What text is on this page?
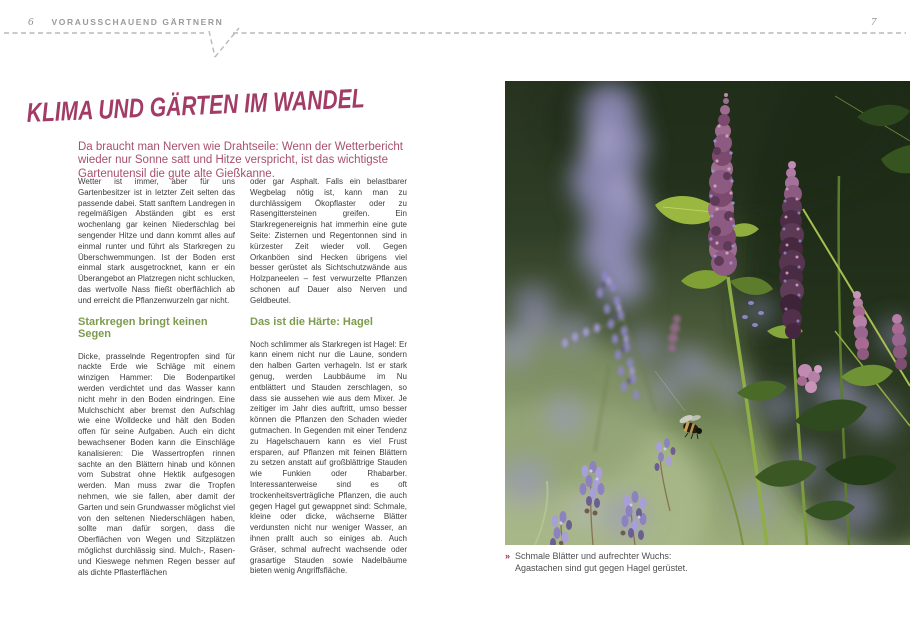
6 VORAUSSCHAUEND GÄRTNERN	7
KLIMA UND GÄRTEN IM WANDEL

Da braucht man Nerven wie Drahtseile: Wenn der Wetterbericht wieder nur Sonne satt und Hitze verspricht, ist das wichtigste Gartenutensil die gute alte Gießkanne.

Wetter ist immer, aber für uns Gartenbesitzer ist in letzter Zeit selten das passende dabei. Statt sanftem Landregen in regelmäßigen Abständen gibt es erst wochenlang gar keinen Niederschlag bei sengender Hitze und dann kommt alles auf einmal runter und führt als Starkregen zu Überschwemmungen. Ist der Boden erst einmal stark ausgetrocknet, kann er ein Überangebot an Platzregen nicht schlucken, das wertvolle Nass fließt oberflächlich ab und erreicht die Pflanzenwurzeln gar nicht.

Starkregen bringt keinen Segen

Dicke, prasselnde Regentropfen sind für nackte Erde wie Schläge mit einem winzigen Hammer: Die Bodenpartikel werden verdichtet und das Wasser kann nicht mehr in den Boden eindringen. Eine Mulchschicht aber bremst den Aufschlag wie eine Wolldecke und hält den Boden offen für seine Aufgaben. Auch ein dicht bewachsener Boden kann die Einschläge kanalisieren: Die Wassertropfen rinnen sachte an den Blättern hinab und können vom Substrat ohne Hektik aufgesogen werden. Man muss zwar die Tropfen nehmen, wie sie fallen, aber damit der Garten und sein Grundwasser möglichst viel von den seltenen Niederschlägen haben, sollte man dafür sorgen, dass die Oberflächen von Wegen und Sitzplätzen möglichst durchlässig sind. Mulch-, Rasen- und Kieswege nehmen Regen besser auf als dichte Pflasterflächen

oder gar Asphalt. Falls ein belastbarer Wegbelag nötig ist, kann man zu durchlässigem Ökopflaster oder zu Rasengittersteinen greifen. Ein Starkregenereignis hat immerhin eine gute Seite: Zisternen und Regentonnen sind in kürzester Zeit wieder voll. Gegen Orkanböen sind Hecken übrigens viel besser gerüstet als Sichtschutzwände aus Holzpaneelen – fest verwurzelte Pflanzen schonen auf Dauer also Nerven und Geldbeutel.

Das ist die Härte: Hagel

Noch schlimmer als Starkregen ist Hagel: Er kann einem nicht nur die Laune, sondern den halben Garten verhageln. Ist er stark genug, werden Laubbäume im Nu entblättert und Stauden zerschlagen, so dass sie aussehen wie aus dem Mixer. Je zeitiger im Jahr dies auftritt, umso besser können die Pflanzen den Schaden wieder gutmachen. In Gegenden mit einer Tendenz zu Hagelschauern kann es viel Frust ersparen, auf Pflanzen mit feinen Blättern zu setzen anstatt auf großblättrige Stauden wie Funkien oder Rhabarber. Interessanterweise sind es oft trockenheitsverträgliche Pflanzen, die auch gegen Hagel gut gewappnet sind: Schmale, kleine oder dicke, wächserne Blätter verdunsten nicht nur weniger Wasser, an ihnen prallt auch so einiges ab. Auch Gräser, schmal aufrecht wachsende oder grasartige Stauden sowie Nadelbäume bieten wenig Angriffsfläche.

» Schmale Blätter und aufrechter Wuchs: Agastachen sind gut gegen Hagel gerüstet.
